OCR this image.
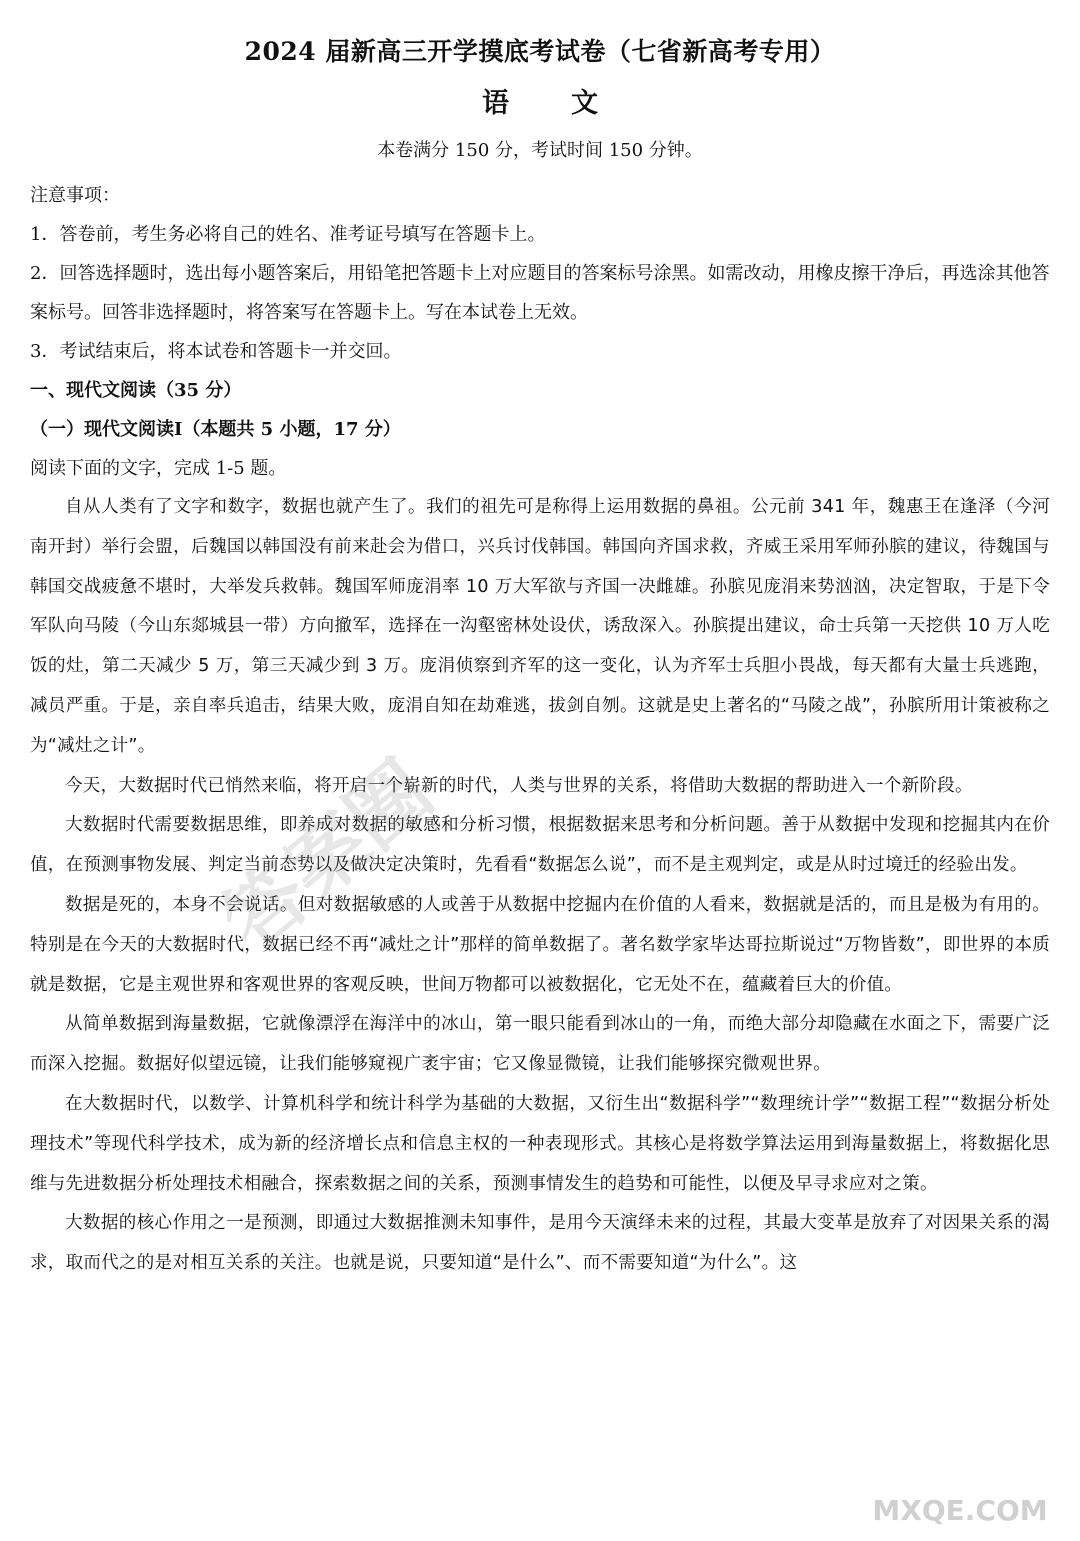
2024 届新高三开学摸底考试卷（七省新高考专用）
语 文
本卷满分 150 分，考试时间 150 分钟。

注意事项：

1．答卷前，考生务必将自己的姓名、准考证号填写在答题卡上。

2．回答选择题时，选出每小题答案后，用铅笔把答题卡上对应题目的答案标号涂黑。如需改动，用橡皮擦干净后，再选涂其他答案标号。回答非选择题时，将答案写在答题卡上。写在本试卷上无效。

3．考试结束后，将本试卷和答题卡一并交回。

一、现代文阅读（35 分）

（一）现代文阅读Ⅰ（本题共 5 小题，17 分）

阅读下面的文字，完成 1-5 题。

自从人类有了文字和数字，数据也就产生了。我们的祖先可是称得上运用数据的鼻祖。公元前 341 年，魏惠王在逢泽（今河南开封）举行会盟，后魏国以韩国没有前来赴会为借口，兴兵讨伐韩国。韩国向齐国求救，齐威王采用军师孙膑的建议，待魏国与韩国交战疲惫不堪时，大举发兵救韩。魏国军师庞涓率 10 万大军欲与齐国一决雌雄。孙膑见庞涓来势汹汹，决定智取，于是下令军队向马陵（今山东郯城县一带）方向撤军，选择在一沟壑密林处设伏，诱敌深入。孙膑提出建议，命士兵第一天挖供 10 万人吃饭的灶，第二天减少 5 万，第三天减少到 3 万。庞涓侦察到齐军的这一变化，认为齐军士兵胆小畏战，每天都有大量士兵逃跑，减员严重。于是，亲自率兵追击，结果大败，庞涓自知在劫难逃，拔剑自刎。这就是史上著名的“马陵之战”，孙膑所用计策被称之为“减灶之计”。

今天，大数据时代已悄然来临，将开启一个崭新的时代，人类与世界的关系，将借助大数据的帮助进入一个新阶段。

大数据时代需要数据思维，即养成对数据的敏感和分析习惯，根据数据来思考和分析问题。善于从数据中发现和挖掘其内在价值，在预测事物发展、判定当前态势以及做决定决策时，先看看“数据怎么说”，而不是主观判定，或是从时过境迁的经验出发。

数据是死的，本身不会说话。但对数据敏感的人或善于从数据中挖掘内在价值的人看来，数据就是活的，而且是极为有用的。特别是在今天的大数据时代，数据已经不再“减灶之计”那样的简单数据了。著名数学家毕达哥拉斯说过“万物皆数”，即世界的本质就是数据，它是主观世界和客观世界的客观反映，世间万物都可以被数据化，它无处不在，蕴藏着巨大的价值。

从简单数据到海量数据，它就像漂浮在海洋中的冰山，第一眼只能看到冰山的一角，而绝大部分却隐藏在水面之下，需要广泛而深入挖掘。数据好似望远镜，让我们能够窥视广袤宇宙；它又像显微镜，让我们能够探究微观世界。

在大数据时代，以数学、计算机科学和统计科学为基础的大数据，又衍生出“数据科学”“数理统计学”“数据工程”“数据分析处理技术”等现代科学技术，成为新的经济增长点和信息主权的一种表现形式。其核心是将数学算法运用到海量数据上，将数据化思维与先进数据分析处理技术相融合，探索数据之间的关系，预测事情发生的趋势和可能性，以便及早寻求应对之策。

大数据的核心作用之一是预测，即通过大数据推测未知事件，是用今天演绎未来的过程，其最大变革是放弃了对因果关系的渴求，取而代之的是对相互关系的关注。也就是说，只要知道“是什么”、而不需要知道“为什么”。这

答案圈
MXQE.COM
